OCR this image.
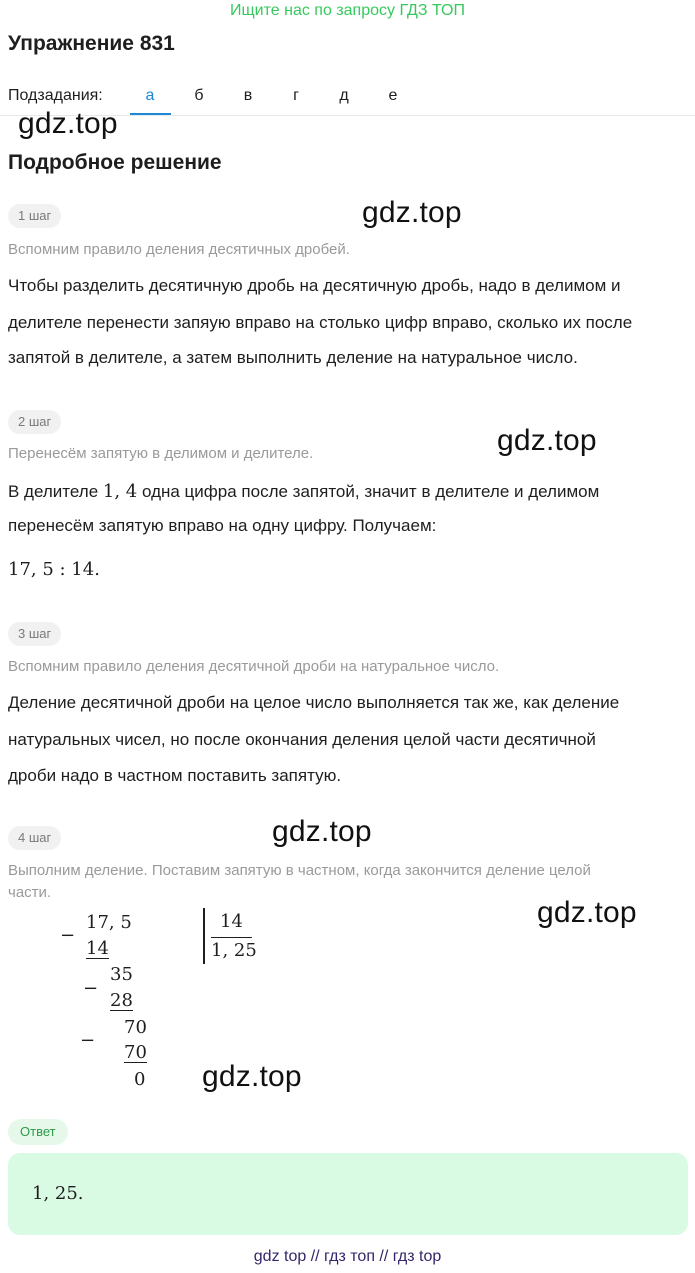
Ищите нас по запросу ГДЗ ТОП
Упражнение 831
Подзадания:	а	б	в	г	д	е
gdz.top
gdz.top
gdz.top
gdz.top
gdz.top
gdz.top
Подробное решение
1 шаг
Вспомним правило деления десятичных дробей.
Чтобы разделить десятичную дробь на десятичную дробь, надо в делимом и
делителе перенести запяую вправо на столько цифр вправо, сколько их после
запятой в делителе, а затем выполнить деление на натуральное число.
2 шаг
Перенесём запятую в делимом и делителе.
В делителе 1, 4 одна цифра после запятой, значит в делителе и делимом
перенесём запятую вправо на одну цифру. Получаем:
17, 5 : 14.
3 шаг
Вспомним правило деления десятичной дроби на натуральное число.
Деление десятичной дроби на целое число выполняется так же, как деление
натуральных чисел, но после окончания деления целой части десятичной
дроби надо в частном поставить запятую.
4 шаг
Выполним деление. Поставим запятую в частном, когда закончится деление целой
части.
−
17, 5
14
14
1, 25
−
35
28
−
70
70
0
Ответ
1, 25.
gdz top // гдз топ // гдз top
